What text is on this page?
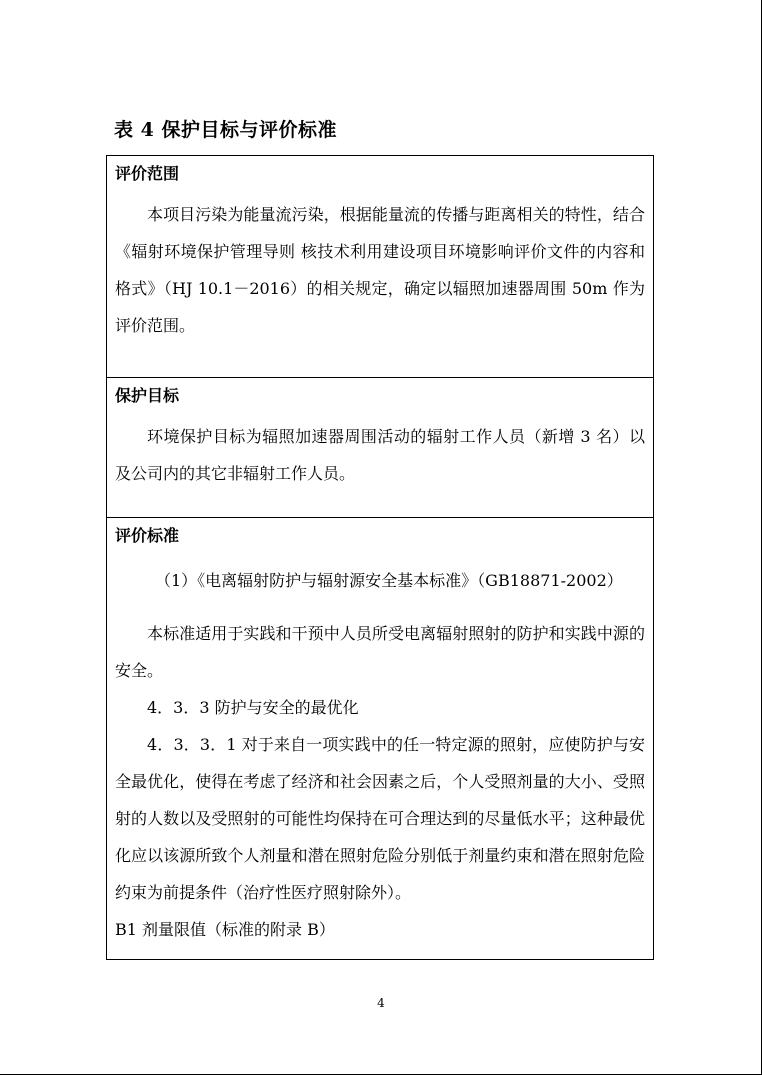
表 4 保护目标与评价标准
评价范围

本项目污染为能量流污染，根据能量流的传播与距离相关的特性，结合《辐射环境保护管理导则 核技术利用建设项目环境影响评价文件的内容和格式》（HJ 10.1－2016）的相关规定，确定以辐照加速器周围 50m 作为评价范围。

保护目标

环境保护目标为辐照加速器周围活动的辐射工作人员（新增 3 名）以及公司内的其它非辐射工作人员。

评价标准

（1）《电离辐射防护与辐射源安全基本标准》（GB18871-2002）

本标准适用于实践和干预中人员所受电离辐射照射的防护和实践中源的安全。

4．3．3 防护与安全的最优化

4．3．3．1 对于来自一项实践中的任一特定源的照射，应使防护与安全最优化，使得在考虑了经济和社会因素之后，个人受照剂量的大小、受照射的人数以及受照射的可能性均保持在可合理达到的尽量低水平；这种最优化应以该源所致个人剂量和潜在照射危险分别低于剂量约束和潜在照射危险约束为前提条件（治疗性医疗照射除外）。

B1 剂量限值（标准的附录 B）

4
